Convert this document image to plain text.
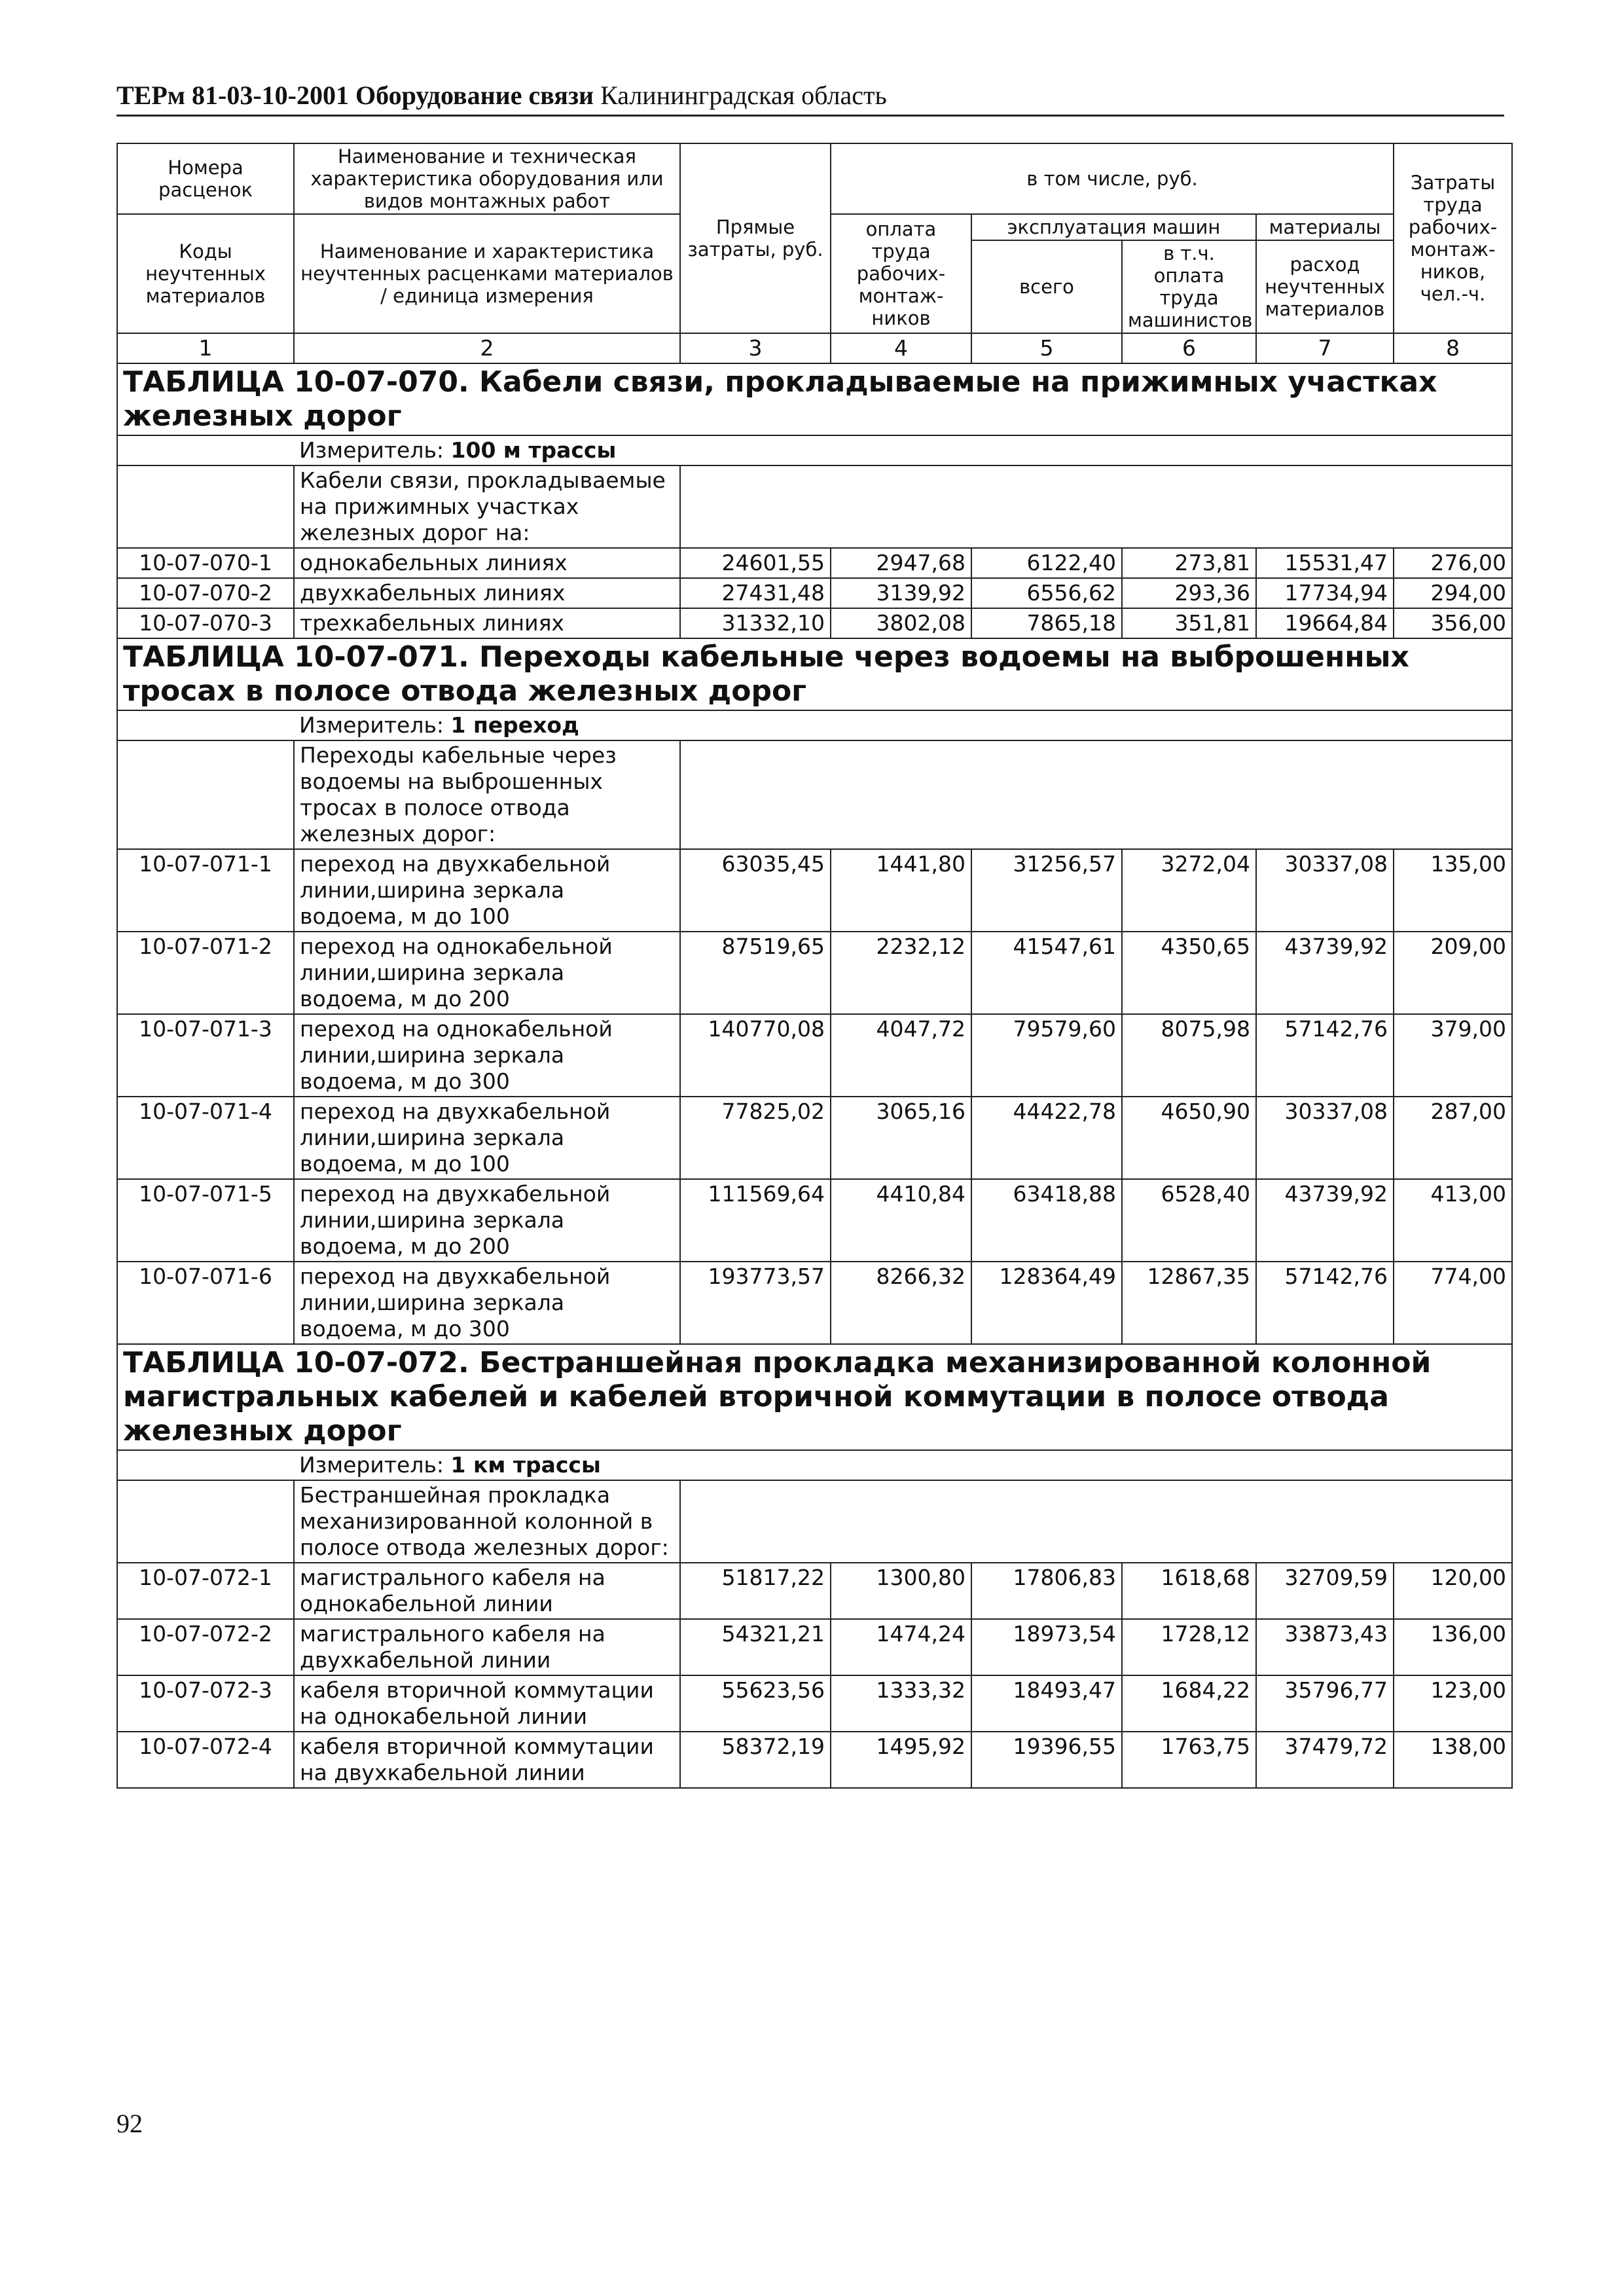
ТЕРм 81-03-10-2001 Оборудование связи Калининградская область
Номера расценок	Наименование и техническая характеристика оборудования или видов монтажных работ	Прямые затраты, руб.	в том числе, руб.				Затраты труда рабочих-монтаж-ников, чел.-ч.
Коды неучтенных материалов	Наименование и характеристика неучтенных расценками материалов / единица измерения		оплата труда рабочих-монтаж-ников	эксплуатация машин		материалы	
				всего	в т.ч. оплата труда машинистов	расход неучтенных материалов	
1	2	3	4	5	6	7	8
ТАБЛИЦА 10-07-070. Кабели связи, прокладываемые на прижимных участках железных дорог							
	Измеритель: 100 м трассы						
	Кабели связи, прокладываемые на прижимных участках железных дорог на:						
10-07-070-1	однокабельных линиях	24601,55	2947,68	6122,40	273,81	15531,47	276,00
10-07-070-2	двухкабельных линиях	27431,48	3139,92	6556,62	293,36	17734,94	294,00
10-07-070-3	трехкабельных линиях	31332,10	3802,08	7865,18	351,81	19664,84	356,00
ТАБЛИЦА 10-07-071. Переходы кабельные через водоемы на выброшенных тросах в полосе отвода железных дорог							
	Измеритель: 1 переход						
	Переходы кабельные через водоемы на выброшенных тросах в полосе отвода железных дорог:						
10-07-071-1	переход на двухкабельной линии,ширина зеркала водоема, м до 100	63035,45	1441,80	31256,57	3272,04	30337,08	135,00
10-07-071-2	переход на однокабельной линии,ширина зеркала водоема, м до 200	87519,65	2232,12	41547,61	4350,65	43739,92	209,00
10-07-071-3	переход на однокабельной линии,ширина зеркала водоема, м до 300	140770,08	4047,72	79579,60	8075,98	57142,76	379,00
10-07-071-4	переход на двухкабельной линии,ширина зеркала водоема, м до 100	77825,02	3065,16	44422,78	4650,90	30337,08	287,00
10-07-071-5	переход на двухкабельной линии,ширина зеркала водоема, м до 200	111569,64	4410,84	63418,88	6528,40	43739,92	413,00
10-07-071-6	переход на двухкабельной линии,ширина зеркала водоема, м до 300	193773,57	8266,32	128364,49	12867,35	57142,76	774,00
ТАБЛИЦА 10-07-072. Бестраншейная прокладка механизированной колонной магистральных кабелей и кабелей вторичной коммутации в полосе отвода железных дорог							
	Измеритель: 1 км трассы						
	Бестраншейная прокладка механизированной колонной в полосе отвода железных дорог:						
10-07-072-1	магистрального кабеля на однокабельной линии	51817,22	1300,80	17806,83	1618,68	32709,59	120,00
10-07-072-2	магистрального кабеля на двухкабельной линии	54321,21	1474,24	18973,54	1728,12	33873,43	136,00
10-07-072-3	кабеля вторичной коммутации на однокабельной линии	55623,56	1333,32	18493,47	1684,22	35796,77	123,00
10-07-072-4	кабеля вторичной коммутации на двухкабельной линии	58372,19	1495,92	19396,55	1763,75	37479,72	138,00
92
